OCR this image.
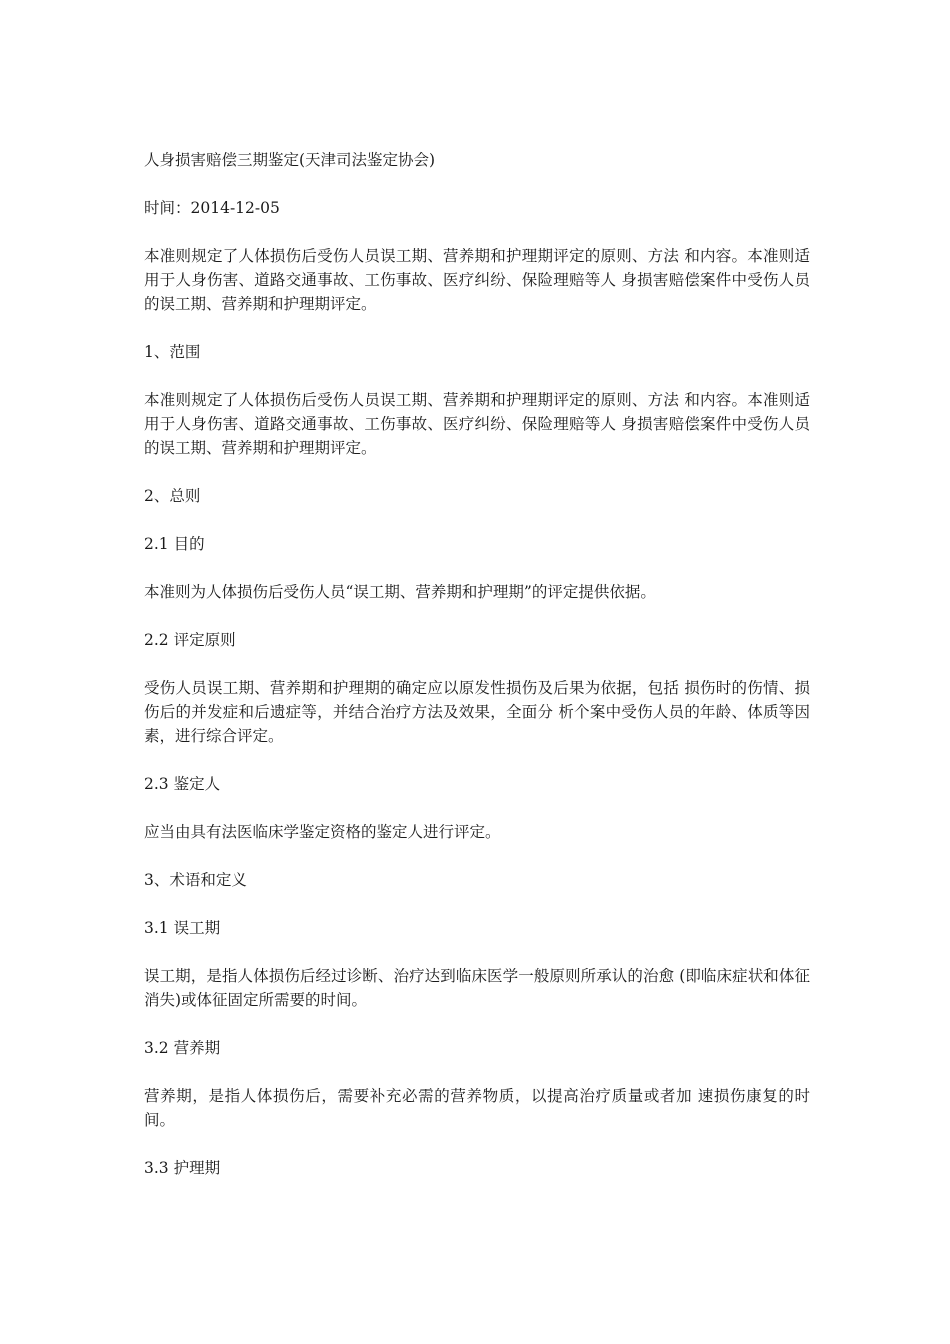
人身损害赔偿三期鉴定(天津司法鉴定协会)

时间：2014-12-05

本准则规定了人体损伤后受伤人员误工期、营养期和护理期评定的原则、方法 和内容。本准则适用于人身伤害、道路交通事故、工伤事故、医疗纠纷、保险理赔等人 身损害赔偿案件中受伤人员的误工期、营养期和护理期评定。

1、范围

本准则规定了人体损伤后受伤人员误工期、营养期和护理期评定的原则、方法 和内容。本准则适用于人身伤害、道路交通事故、工伤事故、医疗纠纷、保险理赔等人 身损害赔偿案件中受伤人员的误工期、营养期和护理期评定。

2、总则

2.1 目的

本准则为人体损伤后受伤人员“误工期、营养期和护理期”的评定提供依据。

2.2 评定原则

受伤人员误工期、营养期和护理期的确定应以原发性损伤及后果为依据，包括 损伤时的伤情、损伤后的并发症和后遗症等，并结合治疗方法及效果，全面分 析个案中受伤人员的年龄、体质等因素，进行综合评定。

2.3 鉴定人

应当由具有法医临床学鉴定资格的鉴定人进行评定。

3、术语和定义

3.1 误工期

误工期，是指人体损伤后经过诊断、治疗达到临床医学一般原则所承认的治愈 (即临床症状和体征消失)或体征固定所需要的时间。

3.2 营养期

营养期，是指人体损伤后，需要补充必需的营养物质，以提高治疗质量或者加 速损伤康复的时间。

3.3 护理期
